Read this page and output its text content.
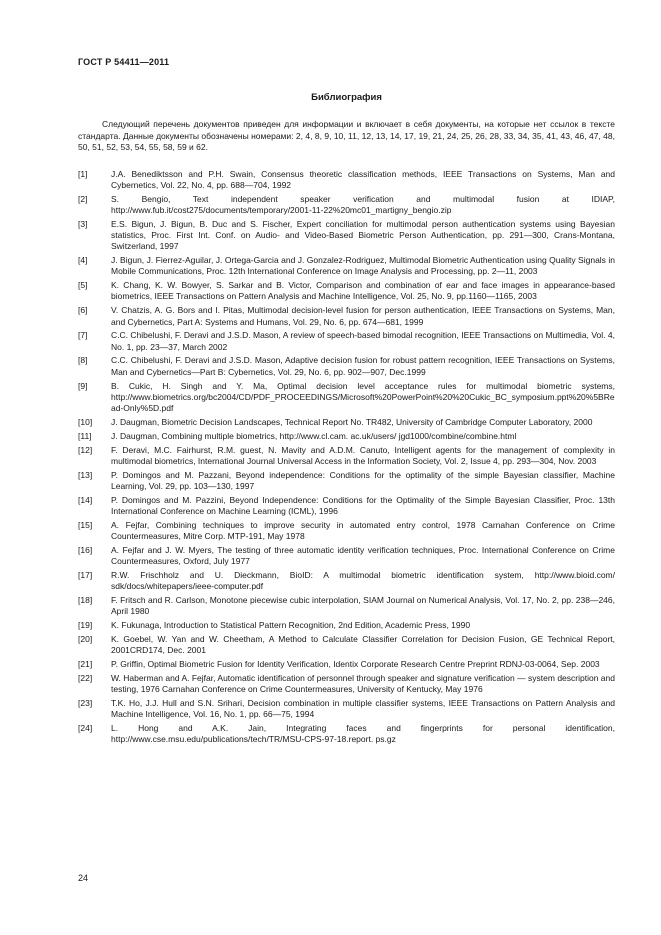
ГОСТ Р 54411—2011
Библиография

Следующий перечень документов приведен для информации и включает в себя документы, на которые нет ссылок в тексте стандарта. Данные документы обозначены номерами: 2, 4, 8, 9, 10, 11, 12, 13, 14, 17, 19, 21, 24, 25, 26, 28, 33, 34, 35, 41, 43, 46, 47, 48, 50, 51, 52, 53, 54, 55, 58, 59 и 62.

[1]	J.A. Benediktsson and P.H. Swain, Consensus theoretic classification methods, IEEE Transactions on Systems, Man and Cybernetics, Vol. 22, No. 4, pp. 688—704, 1992
[2]	S. Bengio, Text independent speaker verification and multimodal fusion at IDIAP, http://www.fub.it/cost275/documents/temporary/2001-11-22%20mc01_martigny_bengio.zip
[3]	E.S. Bigun, J. Bigun, B. Duc and S. Fischer, Expert conciliation for multimodal person authentication systems using Bayesian statistics, Proc. First Int. Conf. on Audio- and Video-Based Biometric Person Authentication, pp. 291—300, Crans-Montana, Switzerland, 1997
[4]	J. Bigun, J. Fierrez-Aguilar, J. Ortega-Garcia and J. Gonzalez-Rodriguez, Multimodal Biometric Authentication using Quality Signals in Mobile Communications, Proc. 12th International Conference on Image Analysis and Processing, pp. 2—11, 2003
[5]	K. Chang, K. W. Bowyer, S. Sarkar and B. Victor, Comparison and combination of ear and face images in appearance-based biometrics, IEEE Transactions on Pattern Analysis and Machine Intelligence, Vol. 25, No. 9, pp.1160—1165, 2003
[6]	V. Chatzis, A. G. Bors and I. Pitas, Multimodal decision-level fusion for person authentication, IEEE Transactions on Systems, Man, and Cybernetics, Part A: Systems and Humans, Vol. 29, No. 6, pp. 674—681, 1999
[7]	C.C. Chibelushi, F. Deravi and J.S.D. Mason, A review of speech-based bimodal recognition, IEEE Transactions on Multimedia, Vol. 4, No. 1, pp. 23—37, March 2002
[8]	C.C. Chibelushi, F. Deravi and J.S.D. Mason, Adaptive decision fusion for robust pattern recognition, IEEE Transactions on Systems, Man and Cybernetics—Part B: Cybernetics, Vol. 29, No. 6, pp. 902—907, Dec.1999
[9]	B. Cukic, H. Singh and Y. Ma, Optimal decision level acceptance rules for multimodal biometric systems, http://www.biometrics.org/bc2004/CD/PDF_PROCEEDINGS/Microsoft%20PowerPoint%20%20Cukic_BC_symposium.ppt%20%5BRead-Only%5D.pdf
[10]	J. Daugman, Biometric Decision Landscapes, Technical Report No. TR482, University of Cambridge Computer Laboratory, 2000
[11]	J. Daugman, Combining multiple biometrics, http://www.cl.cam. ac.uk/users/ jgd1000/combine/combine.html
[12]	F. Deravi, M.C. Fairhurst, R.M. guest, N. Mavity and A.D.M. Canuto, Intelligent agents for the management of complexity in multimodal biometrics, International Journal Universal Access in the Information Society, Vol. 2, Issue 4, pp. 293—304, Nov. 2003
[13]	P. Domingos and M. Pazzani, Beyond independence: Conditions for the optimality of the simple Bayesian classifier, Machine Learning, Vol. 29, pp. 103—130, 1997
[14]	P. Domingos and M. Pazzini, Beyond Independence: Conditions for the Optimality of the Simple Bayesian Classifier, Proc. 13th International Conference on Machine Learning (ICML), 1996
[15]	A. Fejfar, Combining techniques to improve security in automated entry control, 1978 Carnahan Conference on Crime Countermeasures, Mitre Corp. MTP-191, May 1978
[16]	A. Fejfar and J. W. Myers, The testing of three automatic identity verification techniques, Proc. International Conference on Crime Countermeasures, Oxford, July 1977
[17]	R.W. Frischholz and U. Dieckmann, BioID: A multimodal biometric identification system, http://www.bioid.com/ sdk/docs/whitepapers/ieee-computer.pdf
[18]	F. Fritsch and R. Carlson, Monotone piecewise cubic interpolation, SIAM Journal on Numerical Analysis, Vol. 17, No. 2, pp. 238—246, April 1980
[19]	K. Fukunaga, Introduction to Statistical Pattern Recognition, 2nd Edition, Academic Press, 1990
[20]	K. Goebel, W. Yan and W. Cheetham, A Method to Calculate Classifier Correlation for Decision Fusion, GE Technical Report, 2001CRD174, Dec. 2001
[21]	P. Griffin, Optimal Biometric Fusion for Identity Verification, Identix Corporate Research Centre Preprint RDNJ-03-0064, Sep. 2003
[22]	W. Haberman and A. Fejfar, Automatic identification of personnel through speaker and signature verification — system description and testing, 1976 Carnahan Conference on Crime Countermeasures, University of Kentucky, May 1976
[23]	T.K. Ho, J.J. Hull and S.N. Srihari, Decision combination in multiple classifier systems, IEEE Transactions on Pattern Analysis and Machine Intelligence, Vol. 16, No. 1, pp. 66—75, 1994
[24]	L. Hong and A.K. Jain, Integrating faces and fingerprints for personal identification, http://www.cse.msu.edu/publications/tech/TR/MSU-CPS-97-18.report. ps.gz
24
